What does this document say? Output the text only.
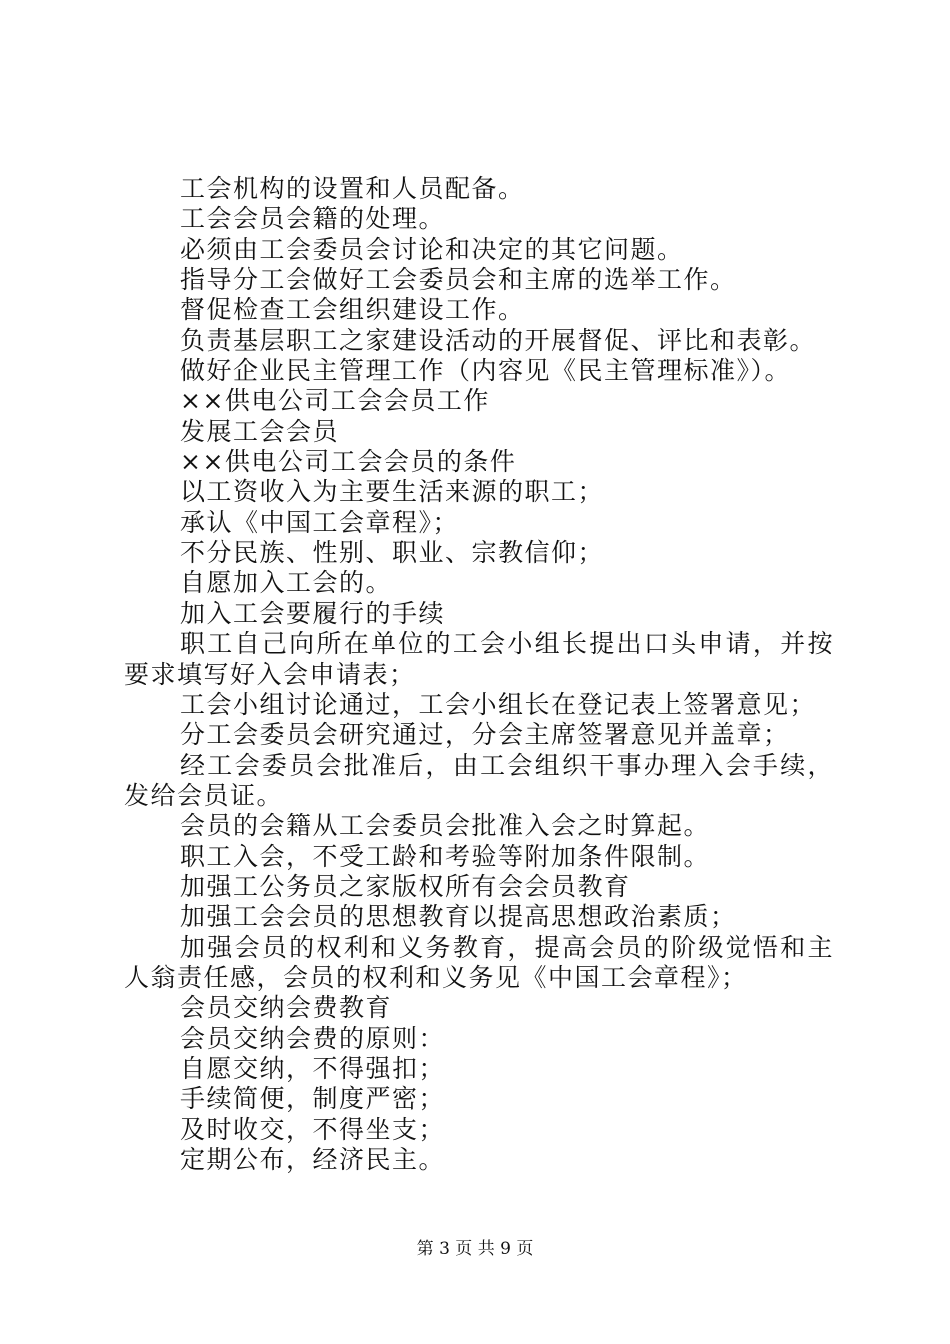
工会机构的设置和人员配备。

工会会员会籍的处理。

必须由工会委员会讨论和决定的其它问题。

指导分工会做好工会委员会和主席的选举工作。

督促检查工会组织建设工作。

负责基层职工之家建设活动的开展督促、评比和表彰。

做好企业民主管理工作（内容见《民主管理标准》）。

××供电公司工会会员工作

发展工会会员

××供电公司工会会员的条件

以工资收入为主要生活来源的职工；

承认《中国工会章程》；

不分民族、性别、职业、宗教信仰；

自愿加入工会的。

加入工会要履行的手续

职工自己向所在单位的工会小组长提出口头申请，并按要求填写好入会申请表；

工会小组讨论通过，工会小组长在登记表上签署意见；

分工会委员会研究通过，分会主席签署意见并盖章；

经工会委员会批准后，由工会组织干事办理入会手续，发给会员证。

会员的会籍从工会委员会批准入会之时算起。

职工入会，不受工龄和考验等附加条件限制。

加强工公务员之家版权所有会会员教育

加强工会会员的思想教育以提高思想政治素质；

加强会员的权利和义务教育，提高会员的阶级觉悟和主人翁责任感，会员的权利和义务见《中国工会章程》；

会员交纳会费教育

会员交纳会费的原则：

自愿交纳，不得强扣；

手续简便，制度严密；

及时收交，不得坐支；

定期公布，经济民主。

第 3 页 共 9 页
